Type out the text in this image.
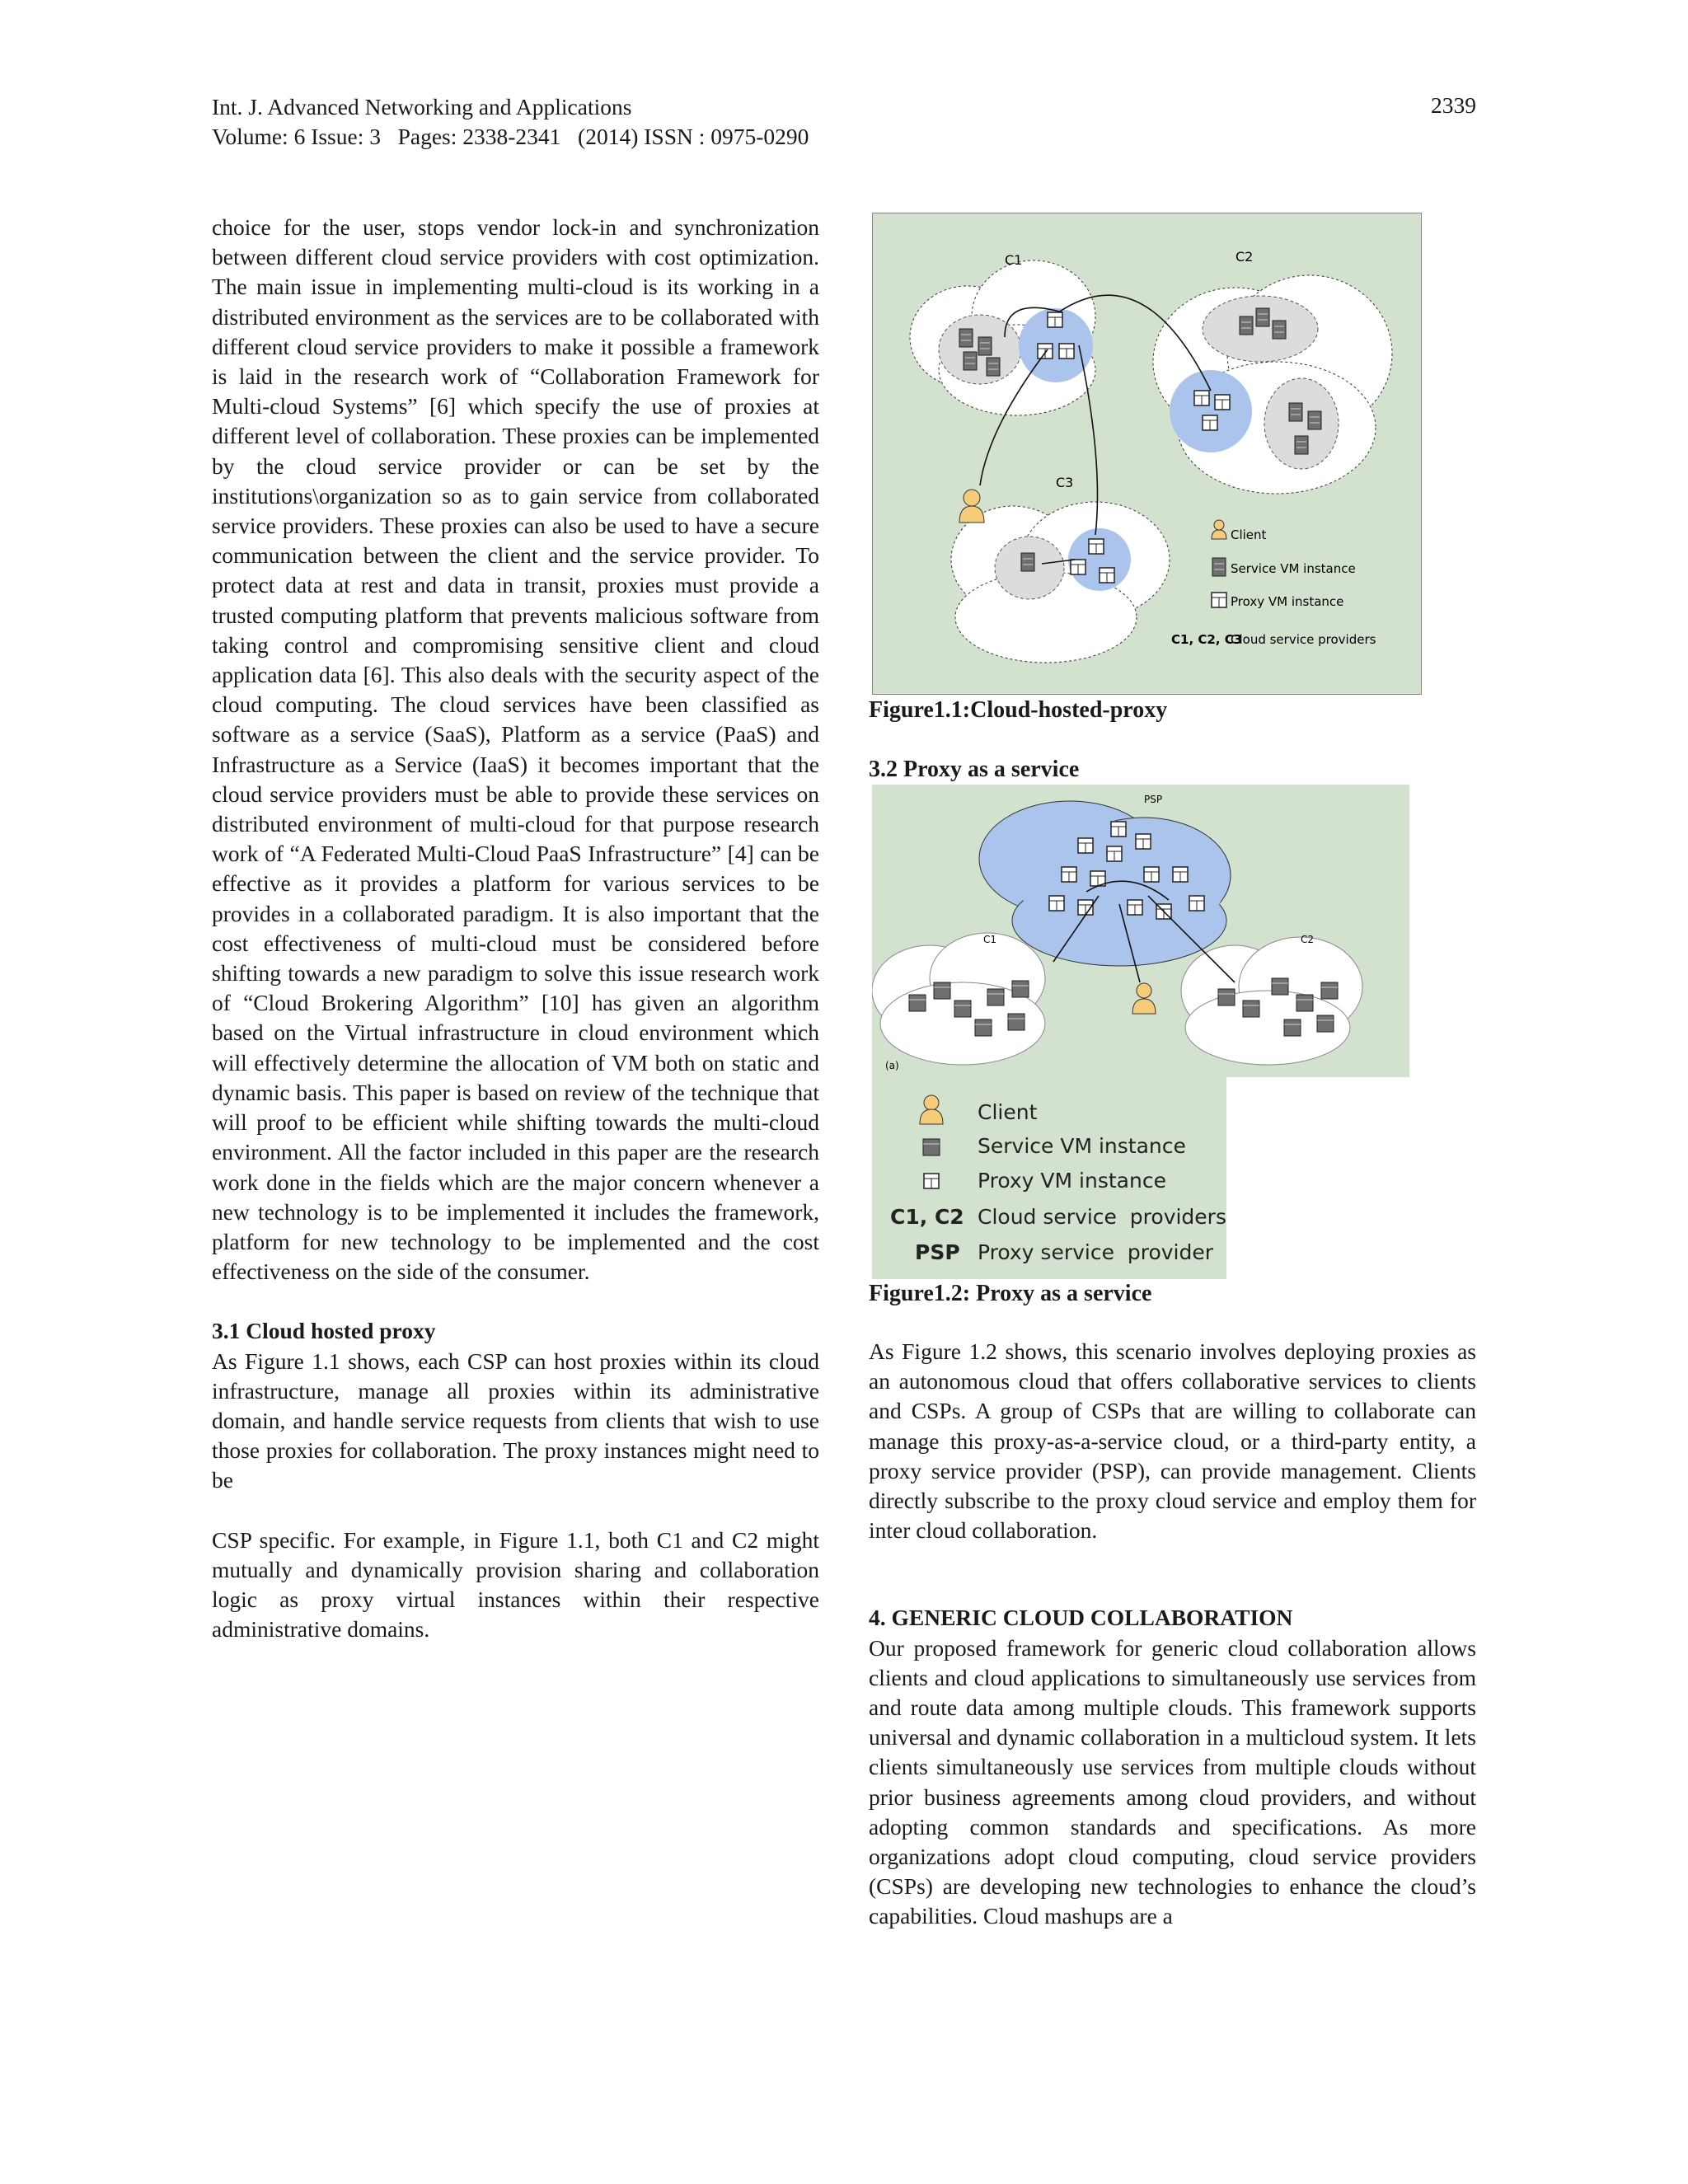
Int. J. Advanced Networking and Applications
Volume: 6 Issue: 3   Pages: 2338-2341   (2014) ISSN : 0975-0290
2339

choice for the user, stops vendor lock-in and synchronization between different cloud service providers with cost optimization. The main issue in implementing multi-cloud is its working in a distributed environment as the services are to be collaborated with different cloud service providers to make it possible a framework is laid in the research work of “Collaboration Framework for Multi-cloud Systems” [6] which specify the use of proxies at different level of collaboration. These proxies can be implemented by the cloud service provider or can be set by the institutions\organization so as to gain service from collaborated service providers. These proxies can also be used to have a secure communication between the client and the service provider. To protect data at rest and data in transit, proxies must provide a trusted computing platform that prevents malicious software from taking control and compromising sensitive client and cloud application data [6]. This also deals with the security aspect of the cloud computing. The cloud services have been classified as software as a service (SaaS), Platform as a service (PaaS) and Infrastructure as a Service (IaaS) it becomes important that the cloud service providers must be able to provide these services on distributed environment of multi-cloud for that purpose research work of “A Federated Multi-Cloud PaaS Infrastructure” [4] can be effective as it provides a platform for various services to be provides in a collaborated paradigm. It is also important that the cost effectiveness of multi-cloud must be considered before shifting towards a new paradigm to solve this issue research work of “Cloud Brokering Algorithm” [10] has given an algorithm based on the Virtual infrastructure in cloud environment which will effectively determine the allocation of VM both on static and dynamic basis. This paper is based on review of the technique that will proof to be efficient while shifting towards the multi-cloud environment. All the factor included in this paper are the research work done in the fields which are the major concern whenever a new technology is to be implemented it includes the framework, platform for new technology to be implemented and the cost effectiveness on the side of the consumer.

3.1 Cloud hosted proxy

As Figure 1.1 shows, each CSP can host proxies within its cloud infrastructure, manage all proxies within its administrative domain, and handle service requests from clients that wish to use those proxies for collaboration. The proxy instances might need to be

CSP specific. For example, in Figure 1.1, both C1 and C2 might mutually and dynamically provision sharing and collaboration logic as proxy virtual instances within their respective administrative domains.

C1	C2
C3
Client
Service VM instance
Proxy VM instance
C1, C2, C3
Cloud service providers
Figure1.1:Cloud-hosted-proxy
3.2 Proxy as a service
PSP
C1	C2
(a)
Client
Service VM instance
Proxy VM instance
C1, C2 Cloud service  providers
PSP Proxy service  provider
Figure1.2: Proxy as a service

As Figure 1.2 shows, this scenario involves deploying proxies as an autonomous cloud that offers collaborative services to clients and CSPs. A group of CSPs that are willing to collaborate can manage this proxy-as-a-service cloud, or a third-party entity, a proxy service provider (PSP), can provide management. Clients directly subscribe to the proxy cloud service and employ them for inter cloud collaboration.

4. GENERIC CLOUD COLLABORATION

Our proposed framework for generic cloud collaboration allows clients and cloud applications to simultaneously use services from and route data among multiple clouds. This framework supports universal and dynamic collaboration in a multicloud system. It lets clients simultaneously use services from multiple clouds without prior business agreements among cloud providers, and without adopting common standards and specifications. As more organizations adopt cloud computing, cloud service providers (CSPs) are developing new technologies to enhance the cloud’s capabilities. Cloud mashups are a
